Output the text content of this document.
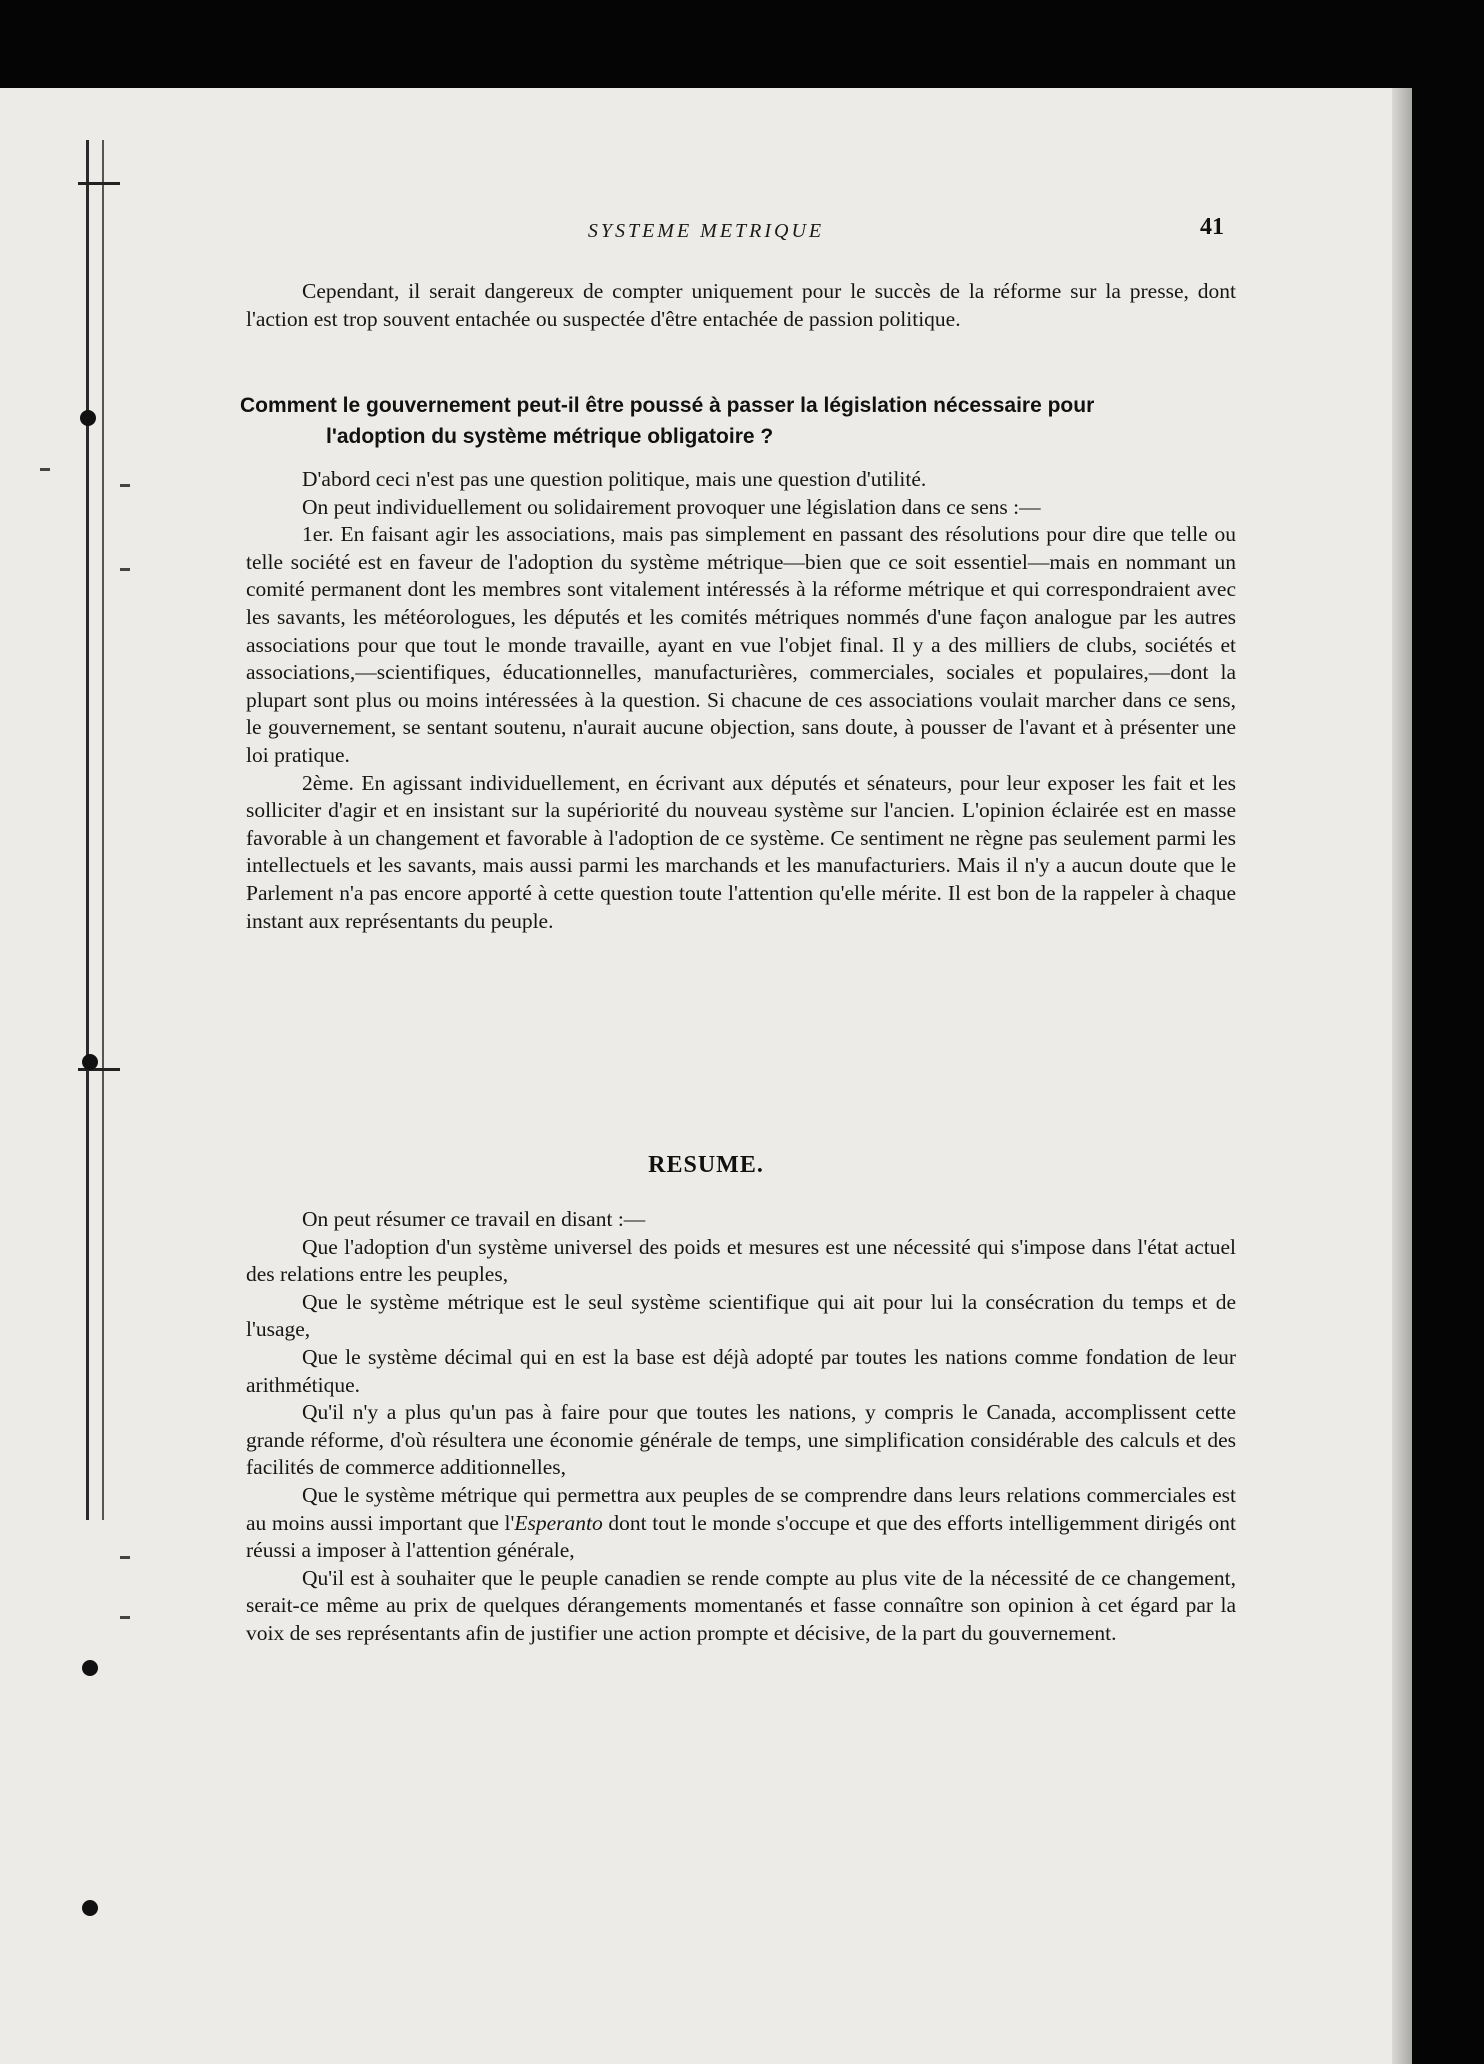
SYSTEME METRIQUE	41

Cependant, il serait dangereux de compter uniquement pour le succès de la réforme sur la presse, dont l'action est trop souvent entachée ou suspectée d'être entachée de passion politique.

Comment le gouvernement peut-il être poussé à passer la législation nécessaire pour
l'adoption du système métrique obligatoire ?

D'abord ceci n'est pas une question politique, mais une question d'utilité.

On peut individuellement ou solidairement provoquer une législation dans ce sens :—

1er. En faisant agir les associations, mais pas simplement en passant des résolutions pour dire que telle ou telle société est en faveur de l'adoption du système métrique—bien que ce soit essentiel—mais en nommant un comité permanent dont les membres sont vitalement intéressés à la réforme métrique et qui correspondraient avec les savants, les météorologues, les députés et les comités métriques nommés d'une façon analogue par les autres associations pour que tout le monde travaille, ayant en vue l'objet final. Il y a des milliers de clubs, sociétés et associations,—scientifiques, éducationnelles, manufacturières, commerciales, sociales et populaires,—dont la plupart sont plus ou moins intéressées à la question. Si chacune de ces associations voulait marcher dans ce sens, le gouvernement, se sentant soutenu, n'aurait aucune objection, sans doute, à pousser de l'avant et à présenter une loi pratique.

2ème. En agissant individuellement, en écrivant aux députés et sénateurs, pour leur exposer les fait et les solliciter d'agir et en insistant sur la supériorité du nouveau système sur l'ancien. L'opinion éclairée est en masse favorable à un changement et favorable à l'adoption de ce système. Ce sentiment ne règne pas seulement parmi les intellectuels et les savants, mais aussi parmi les marchands et les manufacturiers. Mais il n'y a aucun doute que le Parlement n'a pas encore apporté à cette question toute l'attention qu'elle mérite. Il est bon de la rappeler à chaque instant aux représentants du peuple.

RESUME.

On peut résumer ce travail en disant :—

Que l'adoption d'un système universel des poids et mesures est une nécessité qui s'impose dans l'état actuel des relations entre les peuples,

Que le système métrique est le seul système scientifique qui ait pour lui la consécration du temps et de l'usage,

Que le système décimal qui en est la base est déjà adopté par toutes les nations comme fondation de leur arithmétique.

Qu'il n'y a plus qu'un pas à faire pour que toutes les nations, y compris le Canada, accomplissent cette grande réforme, d'où résultera une économie générale de temps, une simplification considérable des calculs et des facilités de commerce additionnelles,

Que le système métrique qui permettra aux peuples de se comprendre dans leurs relations commerciales est au moins aussi important que l'Esperanto dont tout le monde s'occupe et que des efforts intelligemment dirigés ont réussi a imposer à l'attention générale,

Qu'il est à souhaiter que le peuple canadien se rende compte au plus vite de la nécessité de ce changement, serait-ce même au prix de quelques dérangements momentanés et fasse connaître son opinion à cet égard par la voix de ses représentants afin de justifier une action prompte et décisive, de la part du gouvernement.
